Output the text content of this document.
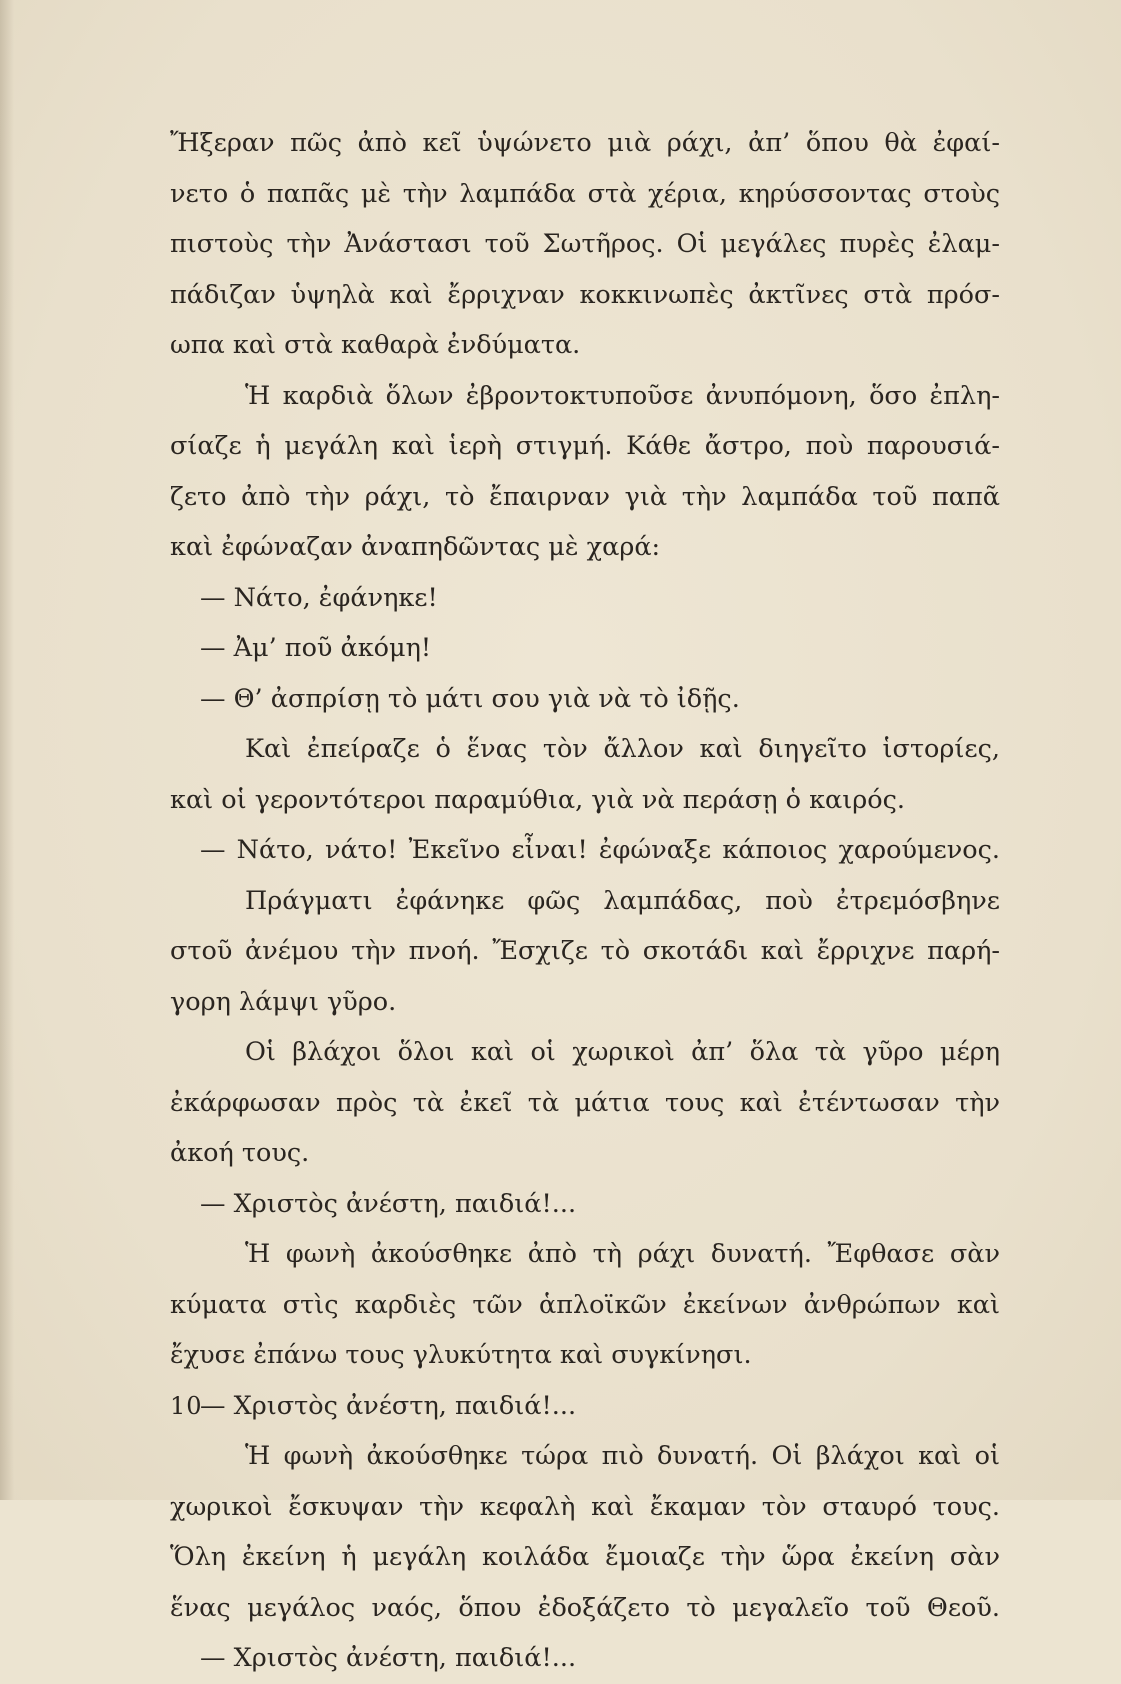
Ἤξεραν πῶς ἀπὸ κεῖ ὑψώνετο μιὰ ράχι, ἀπ’ ὅπου θὰ ἐφαί-
νετο ὁ παπᾶς μὲ τὴν λαμπάδα στὰ χέρια, κηρύσσοντας στοὺς
πιστοὺς τὴν Ἀνάστασι τοῦ Σωτῆρος. Οἱ μεγάλες πυρὲς ἐλαμ-
πάδιζαν ὑψηλὰ καὶ ἔρριχναν κοκκινωπὲς ἀκτῖνες στὰ πρόσ-
ωπα καὶ στὰ καθαρὰ ἐνδύματα.
Ἡ καρδιὰ ὅλων ἐβροντοκτυποῦσε ἀνυπόμονη, ὅσο ἐπλη-
σίαζε ἡ μεγάλη καὶ ἱερὴ στιγμή. Κάθε ἄστρο, ποὺ παρουσιά-
ζετο ἀπὸ τὴν ράχι, τὸ ἔπαιρναν γιὰ τὴν λαμπάδα τοῦ παπᾶ
καὶ ἐφώναζαν ἀναπηδῶντας μὲ χαρά:
— Νάτο, ἐφάνηκε!
— Ἀμ’ ποῦ ἀκόμη!
— Θ’ ἀσπρίσῃ τὸ μάτι σου γιὰ νὰ τὸ ἰδῇς.
Καὶ ἐπείραζε ὁ ἕνας τὸν ἄλλον καὶ διηγεῖτο ἱστορίες,
καὶ οἱ γεροντότεροι παραμύθια, γιὰ νὰ περάσῃ ὁ καιρός.
— Νάτο, νάτο! Ἐκεῖνο εἶναι! ἐφώναξε κάποιος χαρούμενος.
Πράγματι ἐφάνηκε φῶς λαμπάδας, ποὺ ἐτρεμόσβηνε
στοῦ ἀνέμου τὴν πνοή. Ἔσχιζε τὸ σκοτάδι καὶ ἔρριχνε παρή-
γορη λάμψι γῦρο.
Οἱ βλάχοι ὅλοι καὶ οἱ χωρικοὶ ἀπ’ ὅλα τὰ γῦρο μέρη
ἐκάρφωσαν πρὸς τὰ ἐκεῖ τὰ μάτια τους καὶ ἐτέντωσαν τὴν
ἀκοή τους.
— Χριστὸς ἀνέστη, παιδιά!...
Ἡ φωνὴ ἀκούσθηκε ἀπὸ τὴ ράχι δυνατή. Ἔφθασε σὰν
κύματα στὶς καρδιὲς τῶν ἁπλοϊκῶν ἐκείνων ἀνθρώπων καὶ
ἔχυσε ἐπάνω τους γλυκύτητα καὶ συγκίνησι.
— Χριστὸς ἀνέστη, παιδιά!...
Ἡ φωνὴ ἀκούσθηκε τώρα πιὸ δυνατή. Οἱ βλάχοι καὶ οἱ
χωρικοὶ ἔσκυψαν τὴν κεφαλὴ καὶ ἔκαμαν τὸν σταυρό τους.
Ὅλη ἐκείνη ἡ μεγάλη κοιλάδα ἔμοιαζε τὴν ὥρα ἐκείνη σὰν
ἕνας μεγάλος ναός, ὅπου ἐδοξάζετο τὸ μεγαλεῖο τοῦ Θεοῦ.
— Χριστὸς ἀνέστη, παιδιά!...
10
